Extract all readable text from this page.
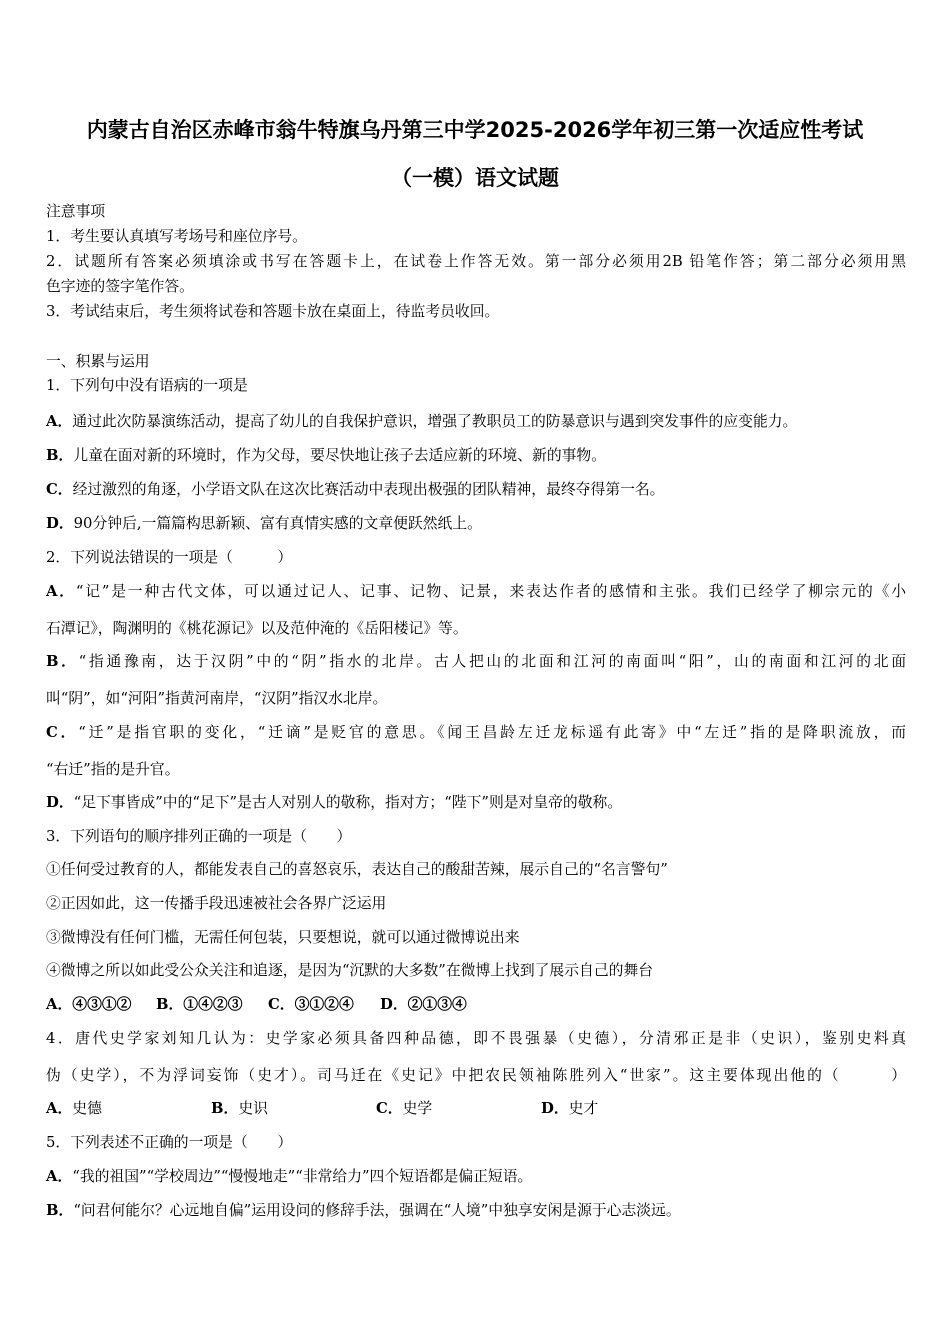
内蒙古自治区赤峰市翁牛特旗乌丹第三中学2025-2026学年初三第一次适应性考试
（一模）语文试题
注意事项
1．考生要认真填写考场号和座位序号。
2．试题所有答案必须填涂或书写在答题卡上，在试卷上作答无效。第一部分必须用2B 铅笔作答；第二部分必须用黑
色字迹的签字笔作答。
3．考试结束后，考生须将试卷和答题卡放在桌面上，待监考员收回。
一、积累与运用
1．下列句中没有语病的一项是
A．通过此次防暴演练活动，提高了幼儿的自我保护意识，增强了教职员工的防暴意识与遇到突发事件的应变能力。
B．儿童在面对新的环境时，作为父母，要尽快地让孩子去适应新的环境、新的事物。
C．经过激烈的角逐，小学语文队在这次比赛活动中表现出极强的团队精神，最终夺得第一名。
D．90分钟后,一篇篇构思新颖、富有真情实感的文章便跃然纸上。
2．下列说法错误的一项是（　　　）
A．“记”是一种古代文体，可以通过记人、记事、记物、记景，来表达作者的感情和主张。我们已经学了柳宗元的《小
石潭记》，陶渊明的《桃花源记》以及范仲淹的《岳阳楼记》等。
B．“指通豫南，达于汉阴”中的“阴”指水的北岸。古人把山的北面和江河的南面叫“阳”，山的南面和江河的北面
叫“阴”，如“河阳”指黄河南岸，“汉阴”指汉水北岸。
C．“迁”是指官职的变化，“迁谪”是贬官的意思。《闻王昌龄左迁龙标遥有此寄》中“左迁”指的是降职流放，而
“右迁”指的是升官。
D．“足下事皆成”中的“足下”是古人对别人的敬称，指对方；“陛下”则是对皇帝的敬称。
3．下列语句的顺序排列正确的一项是（　　）
①任何受过教育的人，都能发表自己的喜怒哀乐，表达自己的酸甜苦辣，展示自己的“名言警句”
②正因如此，这一传播手段迅速被社会各界广泛运用
③微博没有任何门槛，无需任何包装，只要想说，就可以通过微博说出来
④微博之所以如此受公众关注和追逐，是因为“沉默的大多数”在微博上找到了展示自己的舞台
A．④③①② B．①④②③ C．③①②④ D．②①③④
4．唐代史学家刘知几认为：史学家必须具备四种品德，即不畏强暴（史德），分清邪正是非（史识），鉴别史料真
伪（史学），不为浮词妄饰（史才）。司马迁在《史记》中把农民领袖陈胜列入“世家”。这主要体现出他的（　　　）
A．史德	B．史识	C．史学	D．史才
5．下列表述不正确的一项是（　　）
A．“我的祖国”“学校周边”“慢慢地走”“非常给力”四个短语都是偏正短语。
B．“问君何能尔？心远地自偏”运用设问的修辞手法，强调在“人境”中独享安闲是源于心志淡远。
